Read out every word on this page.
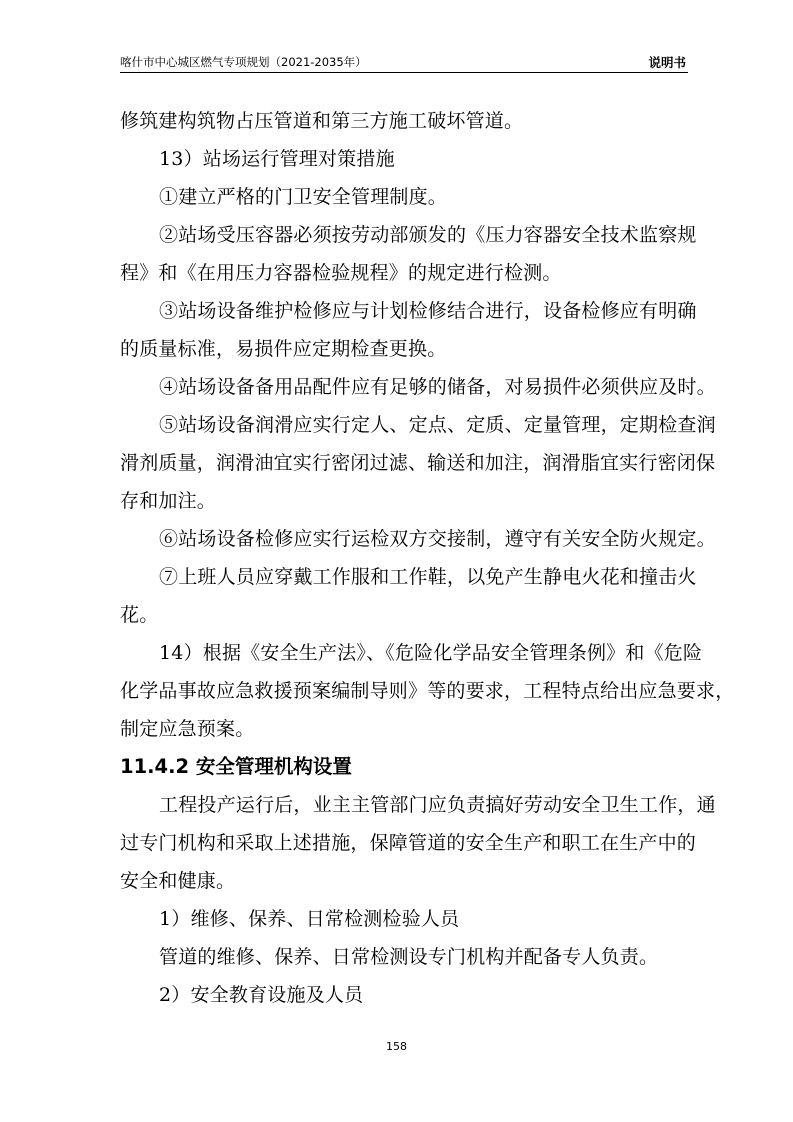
喀什市中心城区燃气专项规划（2021-2035年）	说明书

修筑建构筑物占压管道和第三方施工破坏管道。

13）站场运行管理对策措施

①建立严格的门卫安全管理制度。

②站场受压容器必须按劳动部颁发的《压力容器安全技术监察规

程》和《在用压力容器检验规程》的规定进行检测。

③站场设备维护检修应与计划检修结合进行，设备检修应有明确

的质量标准，易损件应定期检查更换。

④站场设备备用品配件应有足够的储备，对易损件必须供应及时。

⑤站场设备润滑应实行定人、定点、定质、定量管理，定期检查润

滑剂质量，润滑油宜实行密闭过滤、输送和加注，润滑脂宜实行密闭保

存和加注。

⑥站场设备检修应实行运检双方交接制，遵守有关安全防火规定。

⑦上班人员应穿戴工作服和工作鞋，以免产生静电火花和撞击火

花。

14）根据《安全生产法》、《危险化学品安全管理条例》和《危险

化学品事故应急救援预案编制导则》等的要求，工程特点给出应急要求，

制定应急预案。

11.4.2 安全管理机构设置

工程投产运行后，业主主管部门应负责搞好劳动安全卫生工作，通

过专门机构和采取上述措施，保障管道的安全生产和职工在生产中的

安全和健康。

1）维修、保养、日常检测检验人员

管道的维修、保养、日常检测设专门机构并配备专人负责。

2）安全教育设施及人员

158
